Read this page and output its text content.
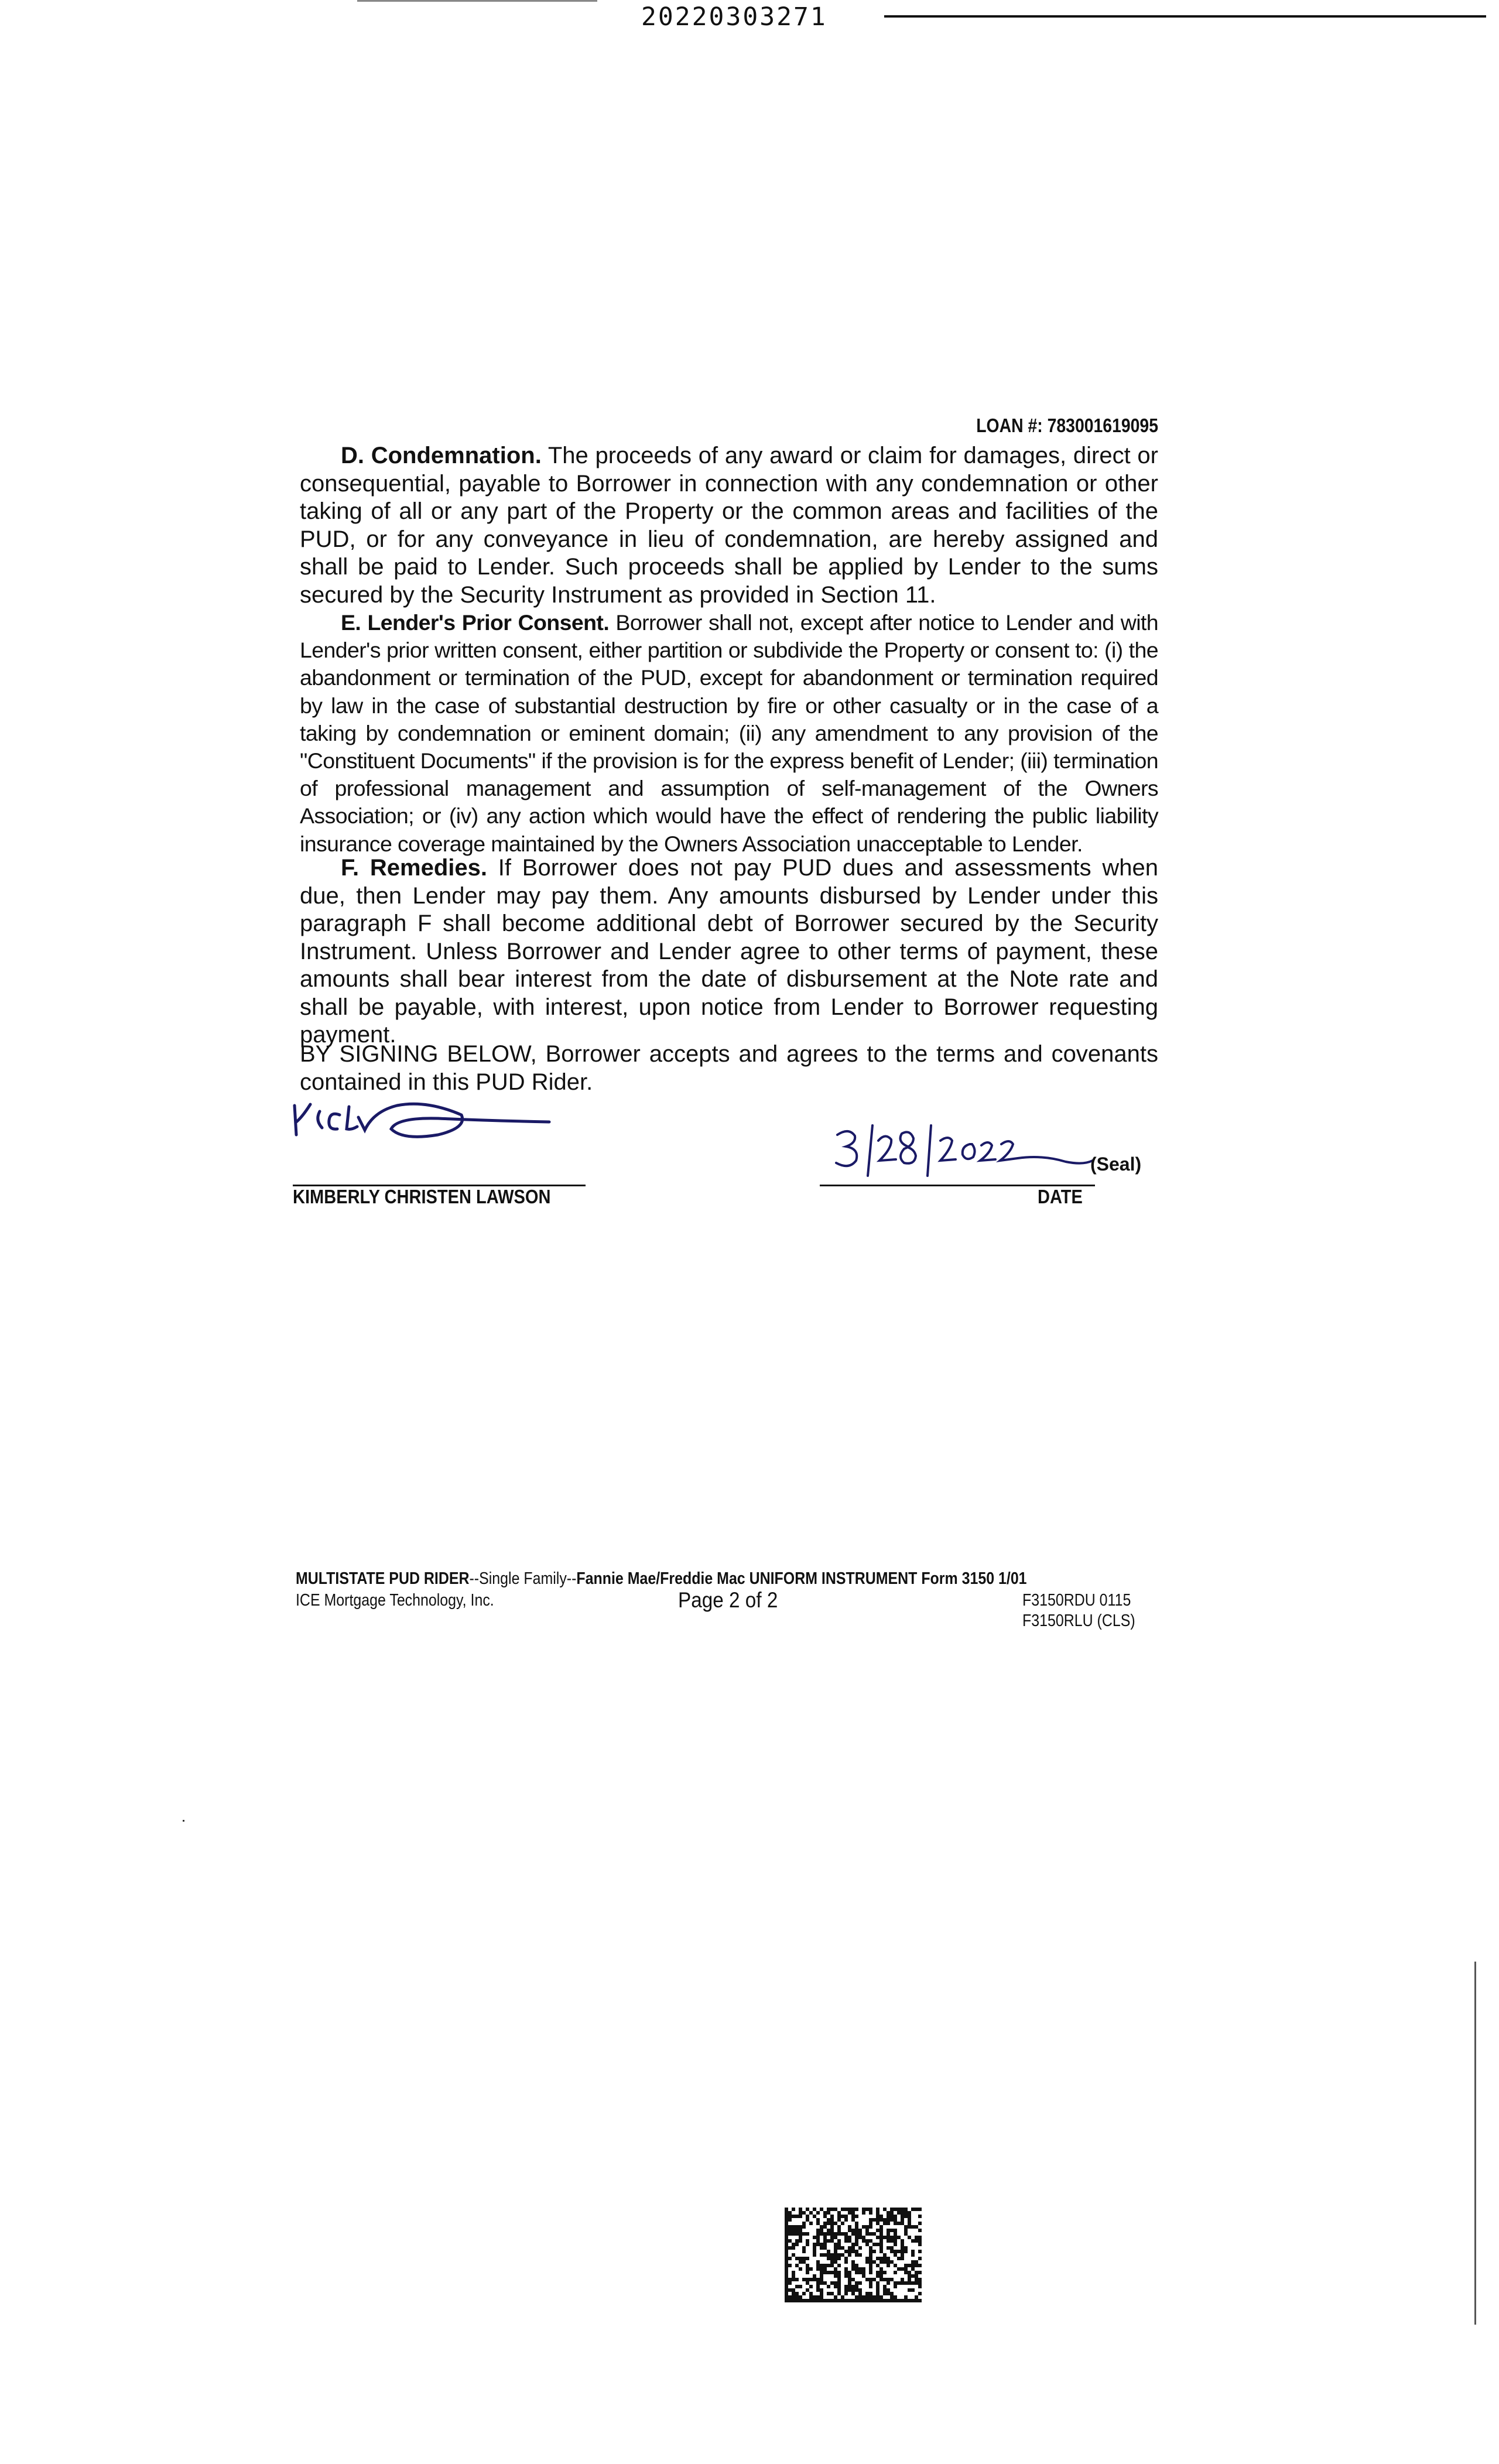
20220303271
LOAN #: 783001619095

D. Condemnation. The proceeds of any award or claim for damages, direct or consequential, payable to Borrower in connection with any condemnation or other taking of all or any part of the Property or the common areas and facilities of the PUD, or for any conveyance in lieu of condemnation, are hereby assigned and shall be paid to Lender. Such proceeds shall be applied by Lender to the sums secured by the Security Instrument as provided in Section 11.

E. Lender's Prior Consent. Borrower shall not, except after notice to Lender and with Lender's prior written consent, either partition or subdivide the Property or consent to: (i) the abandonment or termination of the PUD, except for abandonment or termination required by law in the case of substantial destruction by fire or other casualty or in the case of a taking by condemnation or eminent domain; (ii) any amendment to any provision of the "Constituent Documents" if the provision is for the express benefit of Lender; (iii) termination of professional management and assumption of self-management of the Owners Association; or (iv) any action which would have the effect of rendering the public liability insurance coverage maintained by the Owners Association unacceptable to Lender.

F. Remedies. If Borrower does not pay PUD dues and assessments when due, then Lender may pay them. Any amounts disbursed by Lender under this paragraph F shall become additional debt of Borrower secured by the Security Instrument. Unless Borrower and Lender agree to other terms of payment, these amounts shall bear interest from the date of disbursement at the Note rate and shall be payable, with interest, upon notice from Lender to Borrower requesting payment.

BY SIGNING BELOW, Borrower accepts and agrees to the terms and covenants contained in this PUD Rider.

(Seal)
KIMBERLY CHRISTEN LAWSON	DATE
MULTISTATE PUD RIDER--Single Family--Fannie Mae/Freddie Mac UNIFORM INSTRUMENT Form 3150 1/01
ICE Mortgage Technology, Inc.	Page 2 of 2	F3150RDU 0115
F3150RLU (CLS)
